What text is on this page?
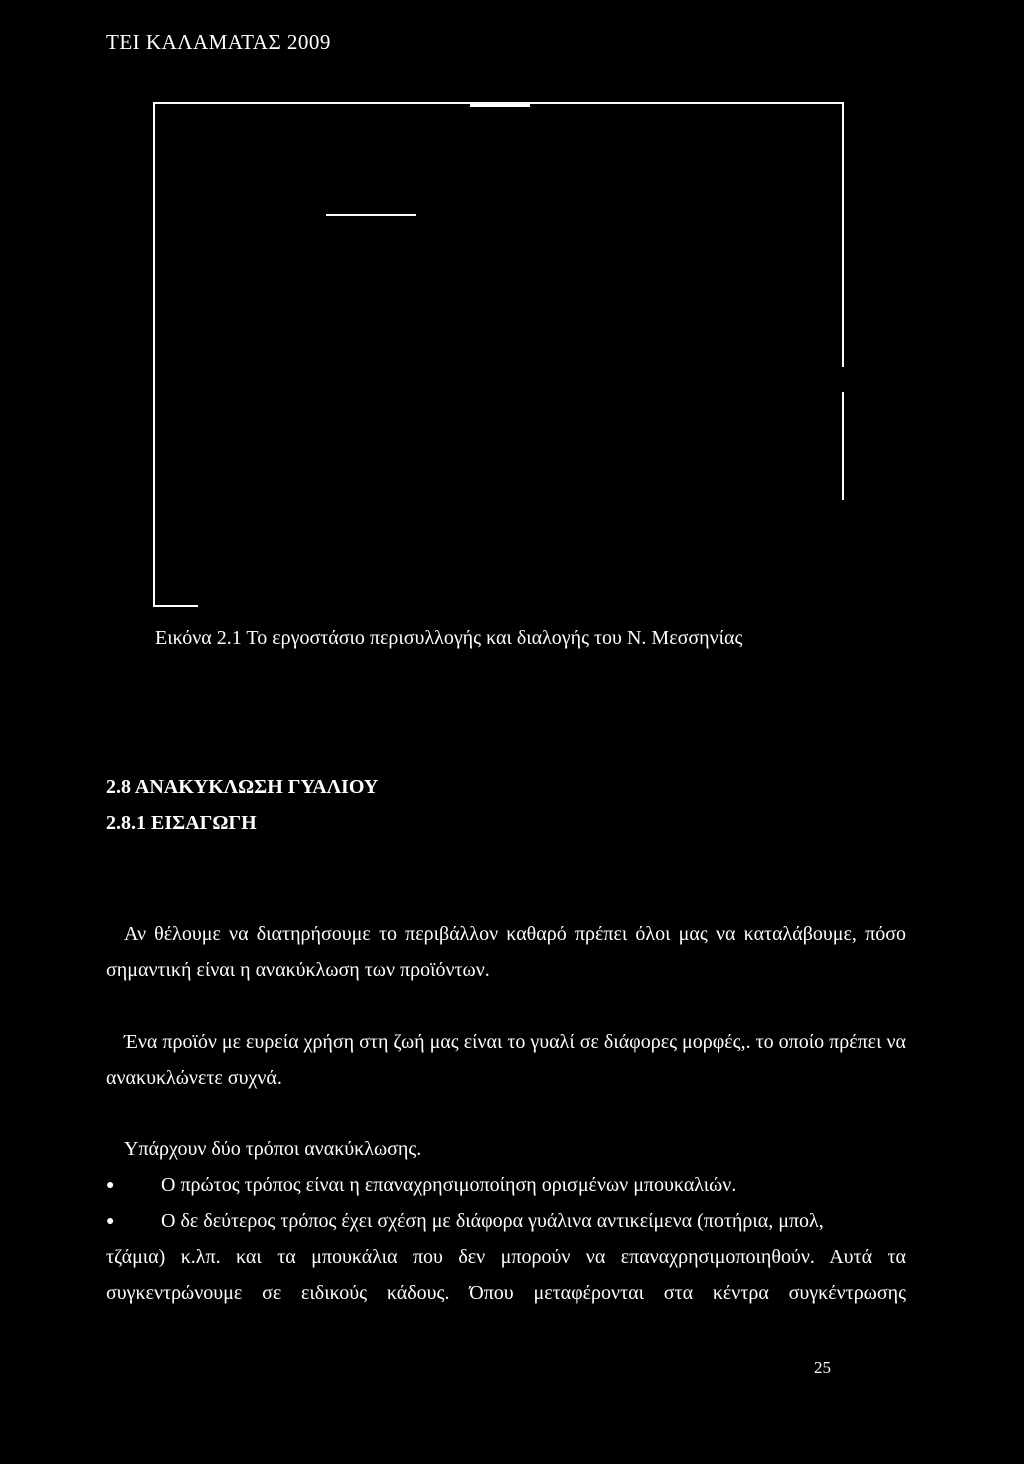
ΤΕΙ ΚΑΛΑΜΑΤΑΣ 2009
Εικόνα 2.1 Το εργοστάσιο περισυλλογής και διαλογής του Ν. Μεσσηνίας
2.8 ΑΝΑΚΥΚΛΩΣΗ ΓΥΑΛΙΟΥ
2.8.1 ΕΙΣΑΓΩΓΗ
Αν θέλουμε να διατηρήσουμε το περιβάλλον καθαρό πρέπει όλοι μας να καταλάβουμε, πόσο σημαντική είναι η ανακύκλωση των προϊόντων.
Ένα προϊόν με ευρεία χρήση στη ζωή μας είναι το γυαλί σε διάφορες μορφές,. το οποίο πρέπει να ανακυκλώνετε συχνά.
Υπάρχουν δύο τρόποι ανακύκλωσης.
● Ο πρώτος τρόπος είναι η επαναχρησιμοποίηση ορισμένων μπουκαλιών.
● Ο δε δεύτερος τρόπος έχει σχέση με διάφορα γυάλινα αντικείμενα (ποτήρια, μπολ,
τζάμια) κ.λπ. και τα μπουκάλια που δεν μπορούν να επαναχρησιμοποιηθούν. Αυτά τα
συγκεντρώνουμε σε ειδικούς κάδους. Όπου μεταφέρονται στα κέντρα συγκέντρωσης
25
